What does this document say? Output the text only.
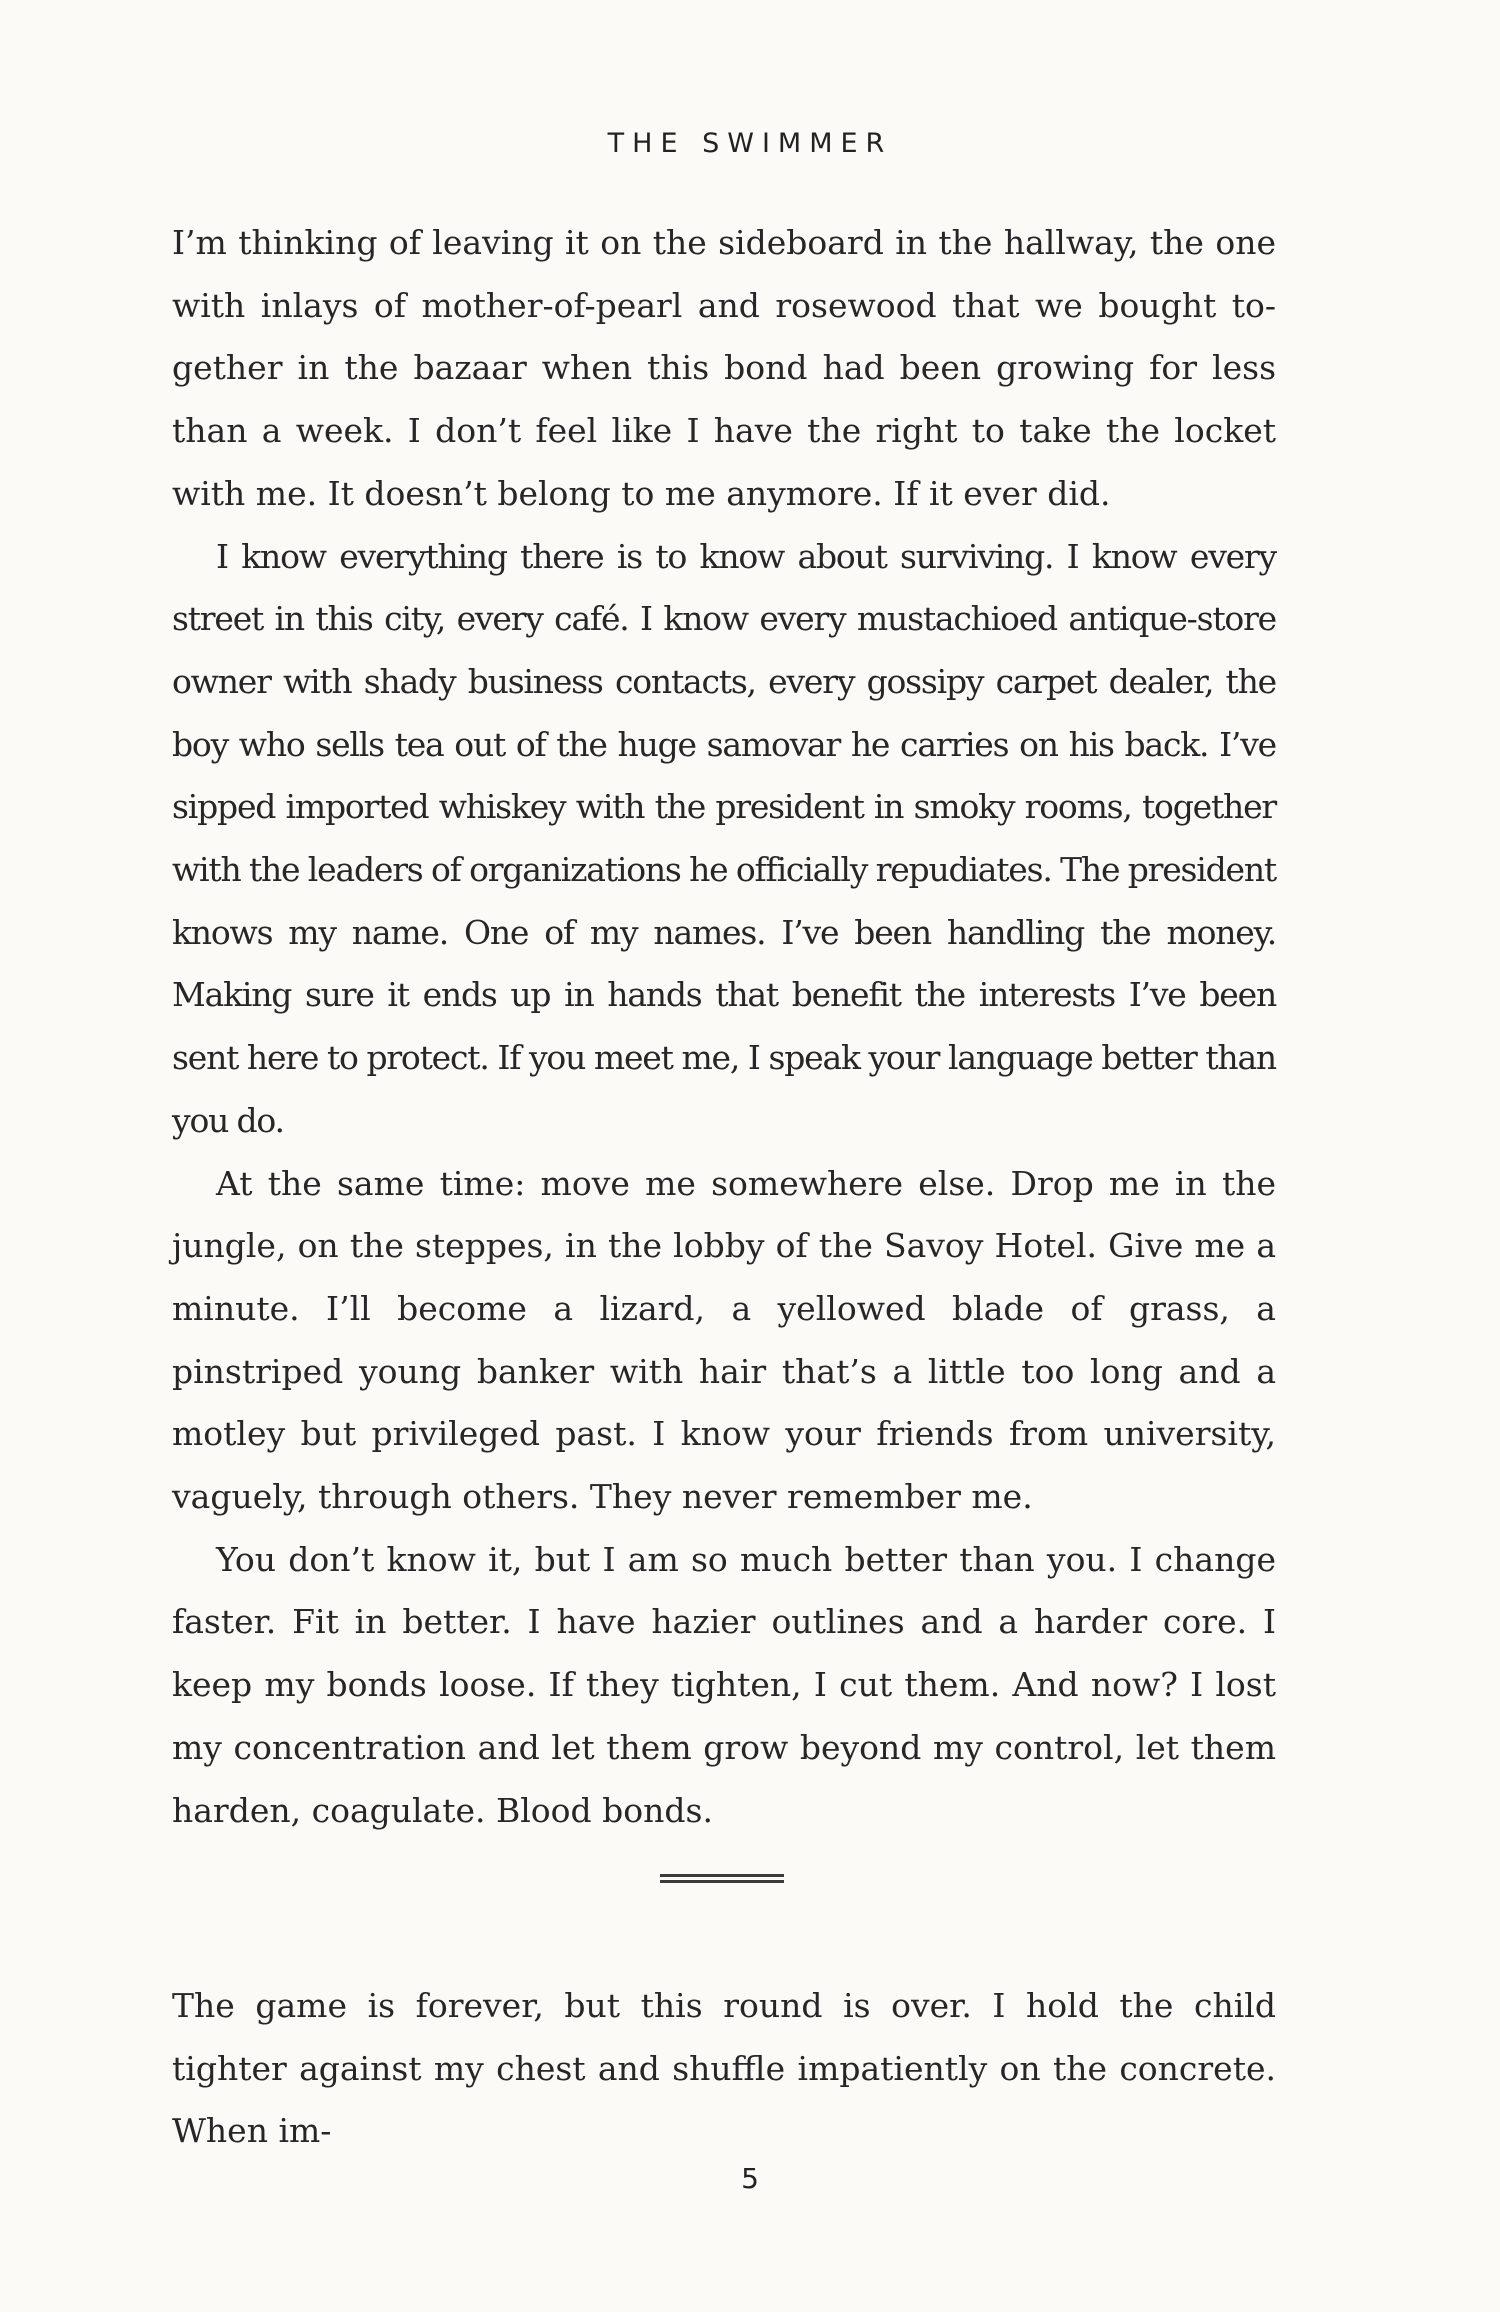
THE SWIMMER

I’m thinking of leaving it on the sideboard in the hallway, the one with inlays of mother-of-pearl and rosewood that we bought together in the bazaar when this bond had been growing for less than a week. I don’t feel like I have the right to take the locket with me. It doesn’t belong to me anymore. If it ever did.

I know everything there is to know about surviving. I know every street in this city, every café. I know every mustachioed antique-store owner with shady business contacts, every gossipy carpet dealer, the boy who sells tea out of the huge samovar he carries on his back. I’ve sipped imported whiskey with the president in smoky rooms, together with the leaders of organizations he officially repudiates. The president knows my name. One of my names. I’ve been handling the money. Making sure it ends up in hands that benefit the interests I’ve been sent here to protect. If you meet me, I speak your language better than you do.

At the same time: move me somewhere else. Drop me in the jungle, on the steppes, in the lobby of the Savoy Hotel. Give me a minute. I’ll become a lizard, a yellowed blade of grass, a pinstriped young banker with hair that’s a little too long and a motley but privileged past. I know your friends from university, vaguely, through others. They never remember me.

You don’t know it, but I am so much better than you. I change faster. Fit in better. I have hazier outlines and a harder core. I keep my bonds loose. If they tighten, I cut them. And now? I lost my concentration and let them grow beyond my control, let them harden, coagulate. Blood bonds.

The game is forever, but this round is over. I hold the child tighter against my chest and shuffle impatiently on the concrete. When im-

5
